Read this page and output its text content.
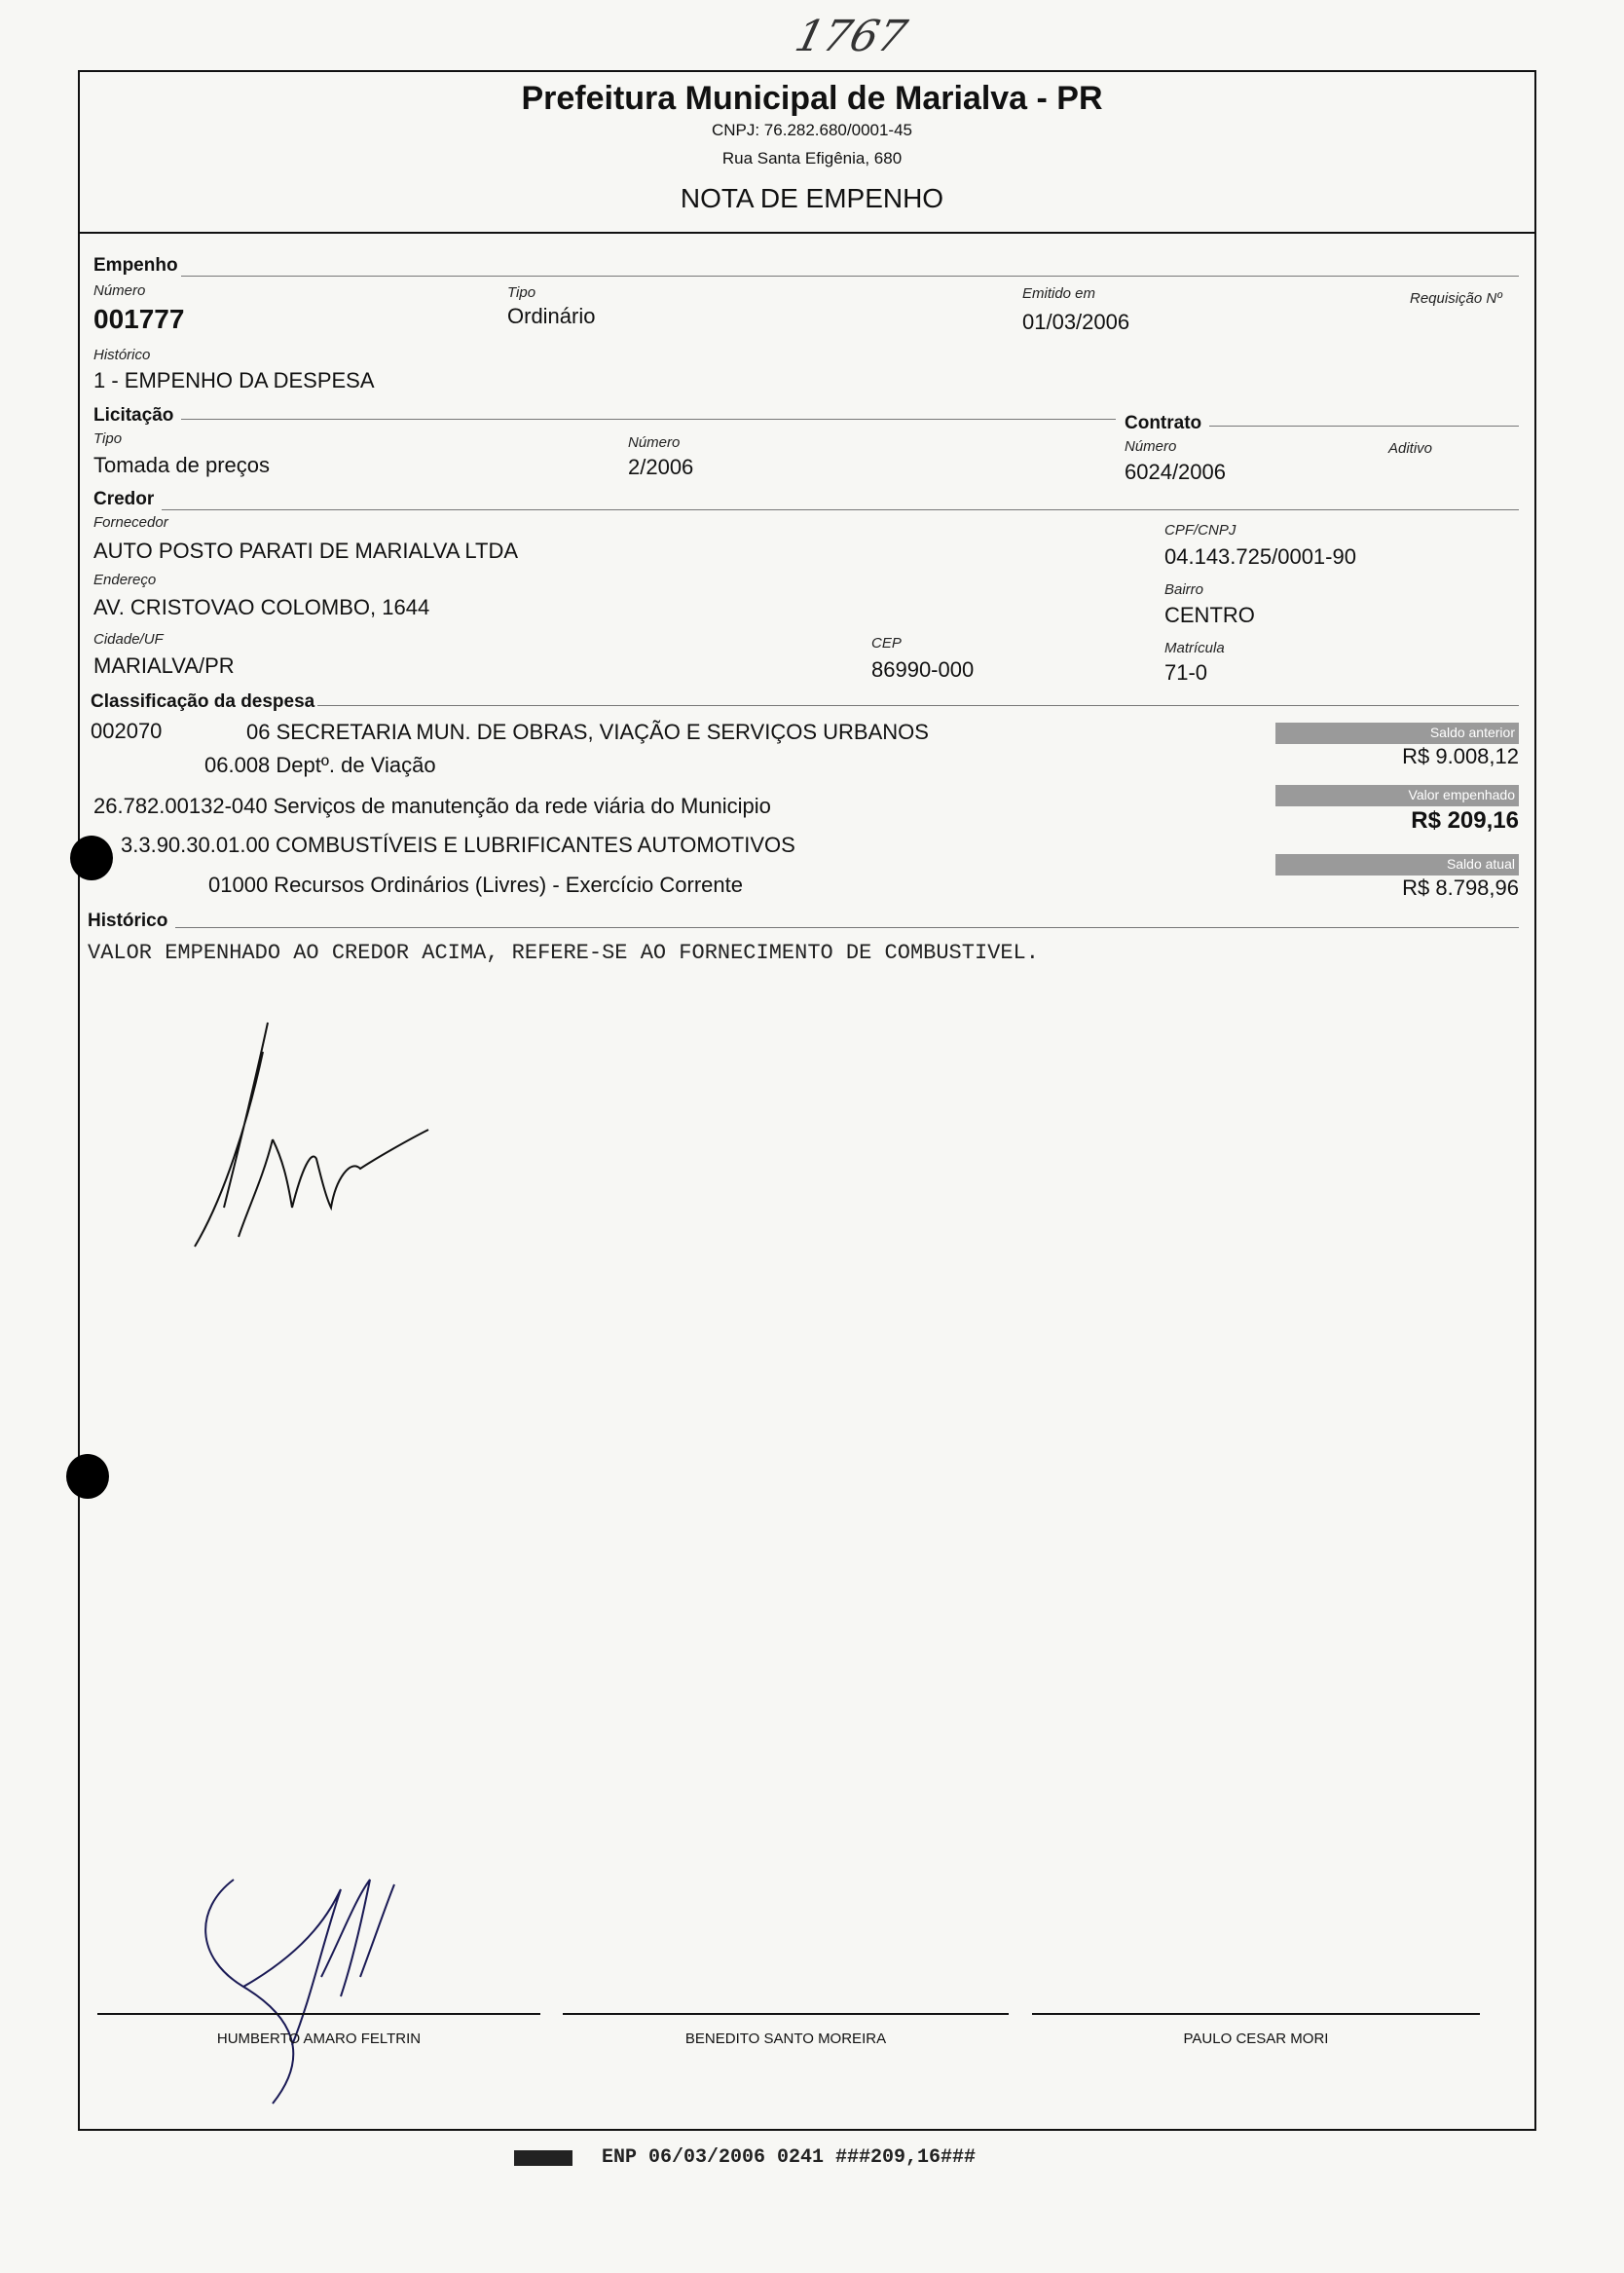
1767
Prefeitura Municipal de Marialva - PR
CNPJ: 76.282.680/0001-45
Rua Santa Efigênia, 680
NOTA DE EMPENHO
Empenho
Número
001777
Tipo
Ordinário
Emitido em
01/03/2006
Requisição Nº
Histórico
1 - EMPENHO DA DESPESA
Licitação
Tipo
Tomada de preços
Número
2/2006
Contrato
Número
6024/2006
Aditivo
Credor
Fornecedor
AUTO POSTO PARATI DE MARIALVA LTDA
CPF/CNPJ
04.143.725/0001-90
Endereço
AV. CRISTOVAO COLOMBO, 1644
Bairro
CENTRO
Cidade/UF
MARIALVA/PR
CEP
86990-000
Matrícula
71-0
Classificação da despesa
002070	06 SECRETARIA MUN. DE OBRAS, VIAÇÃO E SERVIÇOS URBANOS
06.008 Deptº. de Viação
26.782.00132-040 Serviços de manutenção da rede viária do Municipio
3.3.90.30.01.00 COMBUSTÍVEIS E LUBRIFICANTES AUTOMOTIVOS
01000 Recursos Ordinários (Livres) - Exercício Corrente
Saldo anterior
R$ 9.008,12
Valor empenhado
R$ 209,16
Saldo atual
R$ 8.798,96
Histórico
VALOR EMPENHADO AO CREDOR ACIMA, REFERE-SE AO FORNECIMENTO DE COMBUSTIVEL.
HUMBERTO AMARO FELTRIN	BENEDITO SANTO MOREIRA	PAULO CESAR MORI
ENP 06/03/2006 0241 ###209,16###
